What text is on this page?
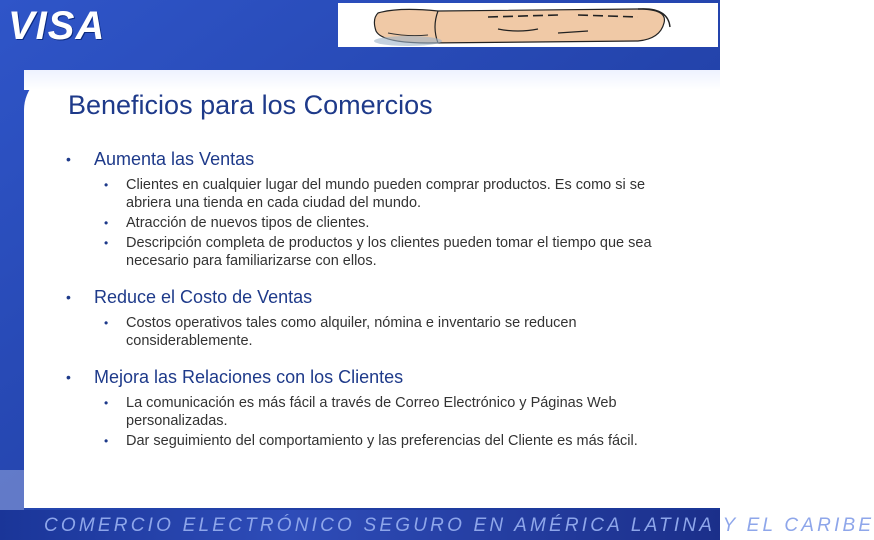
VISA
Beneficios para los Comercios
• Aumenta las Ventas
• Clientes en cualquier lugar del mundo pueden comprar productos. Es como si se abriera una tienda en cada ciudad del mundo.
• Atracción de nuevos tipos de clientes.
• Descripción completa de productos y los clientes pueden tomar el tiempo que sea necesario para familiarizarse con ellos.
• Reduce el Costo de Ventas
• Costos operativos tales como alquiler, nómina e inventario se reducen considerablemente.
• Mejora las Relaciones con los Clientes
• La comunicación es más fácil a través de Correo Electrónico y Páginas Web personalizadas.
• Dar seguimiento del comportamiento y las preferencias del Cliente es más fácil.
COMERCIO ELECTRÓNICO SEGURO EN AMÉRICA LATINA Y EL CARIBE
